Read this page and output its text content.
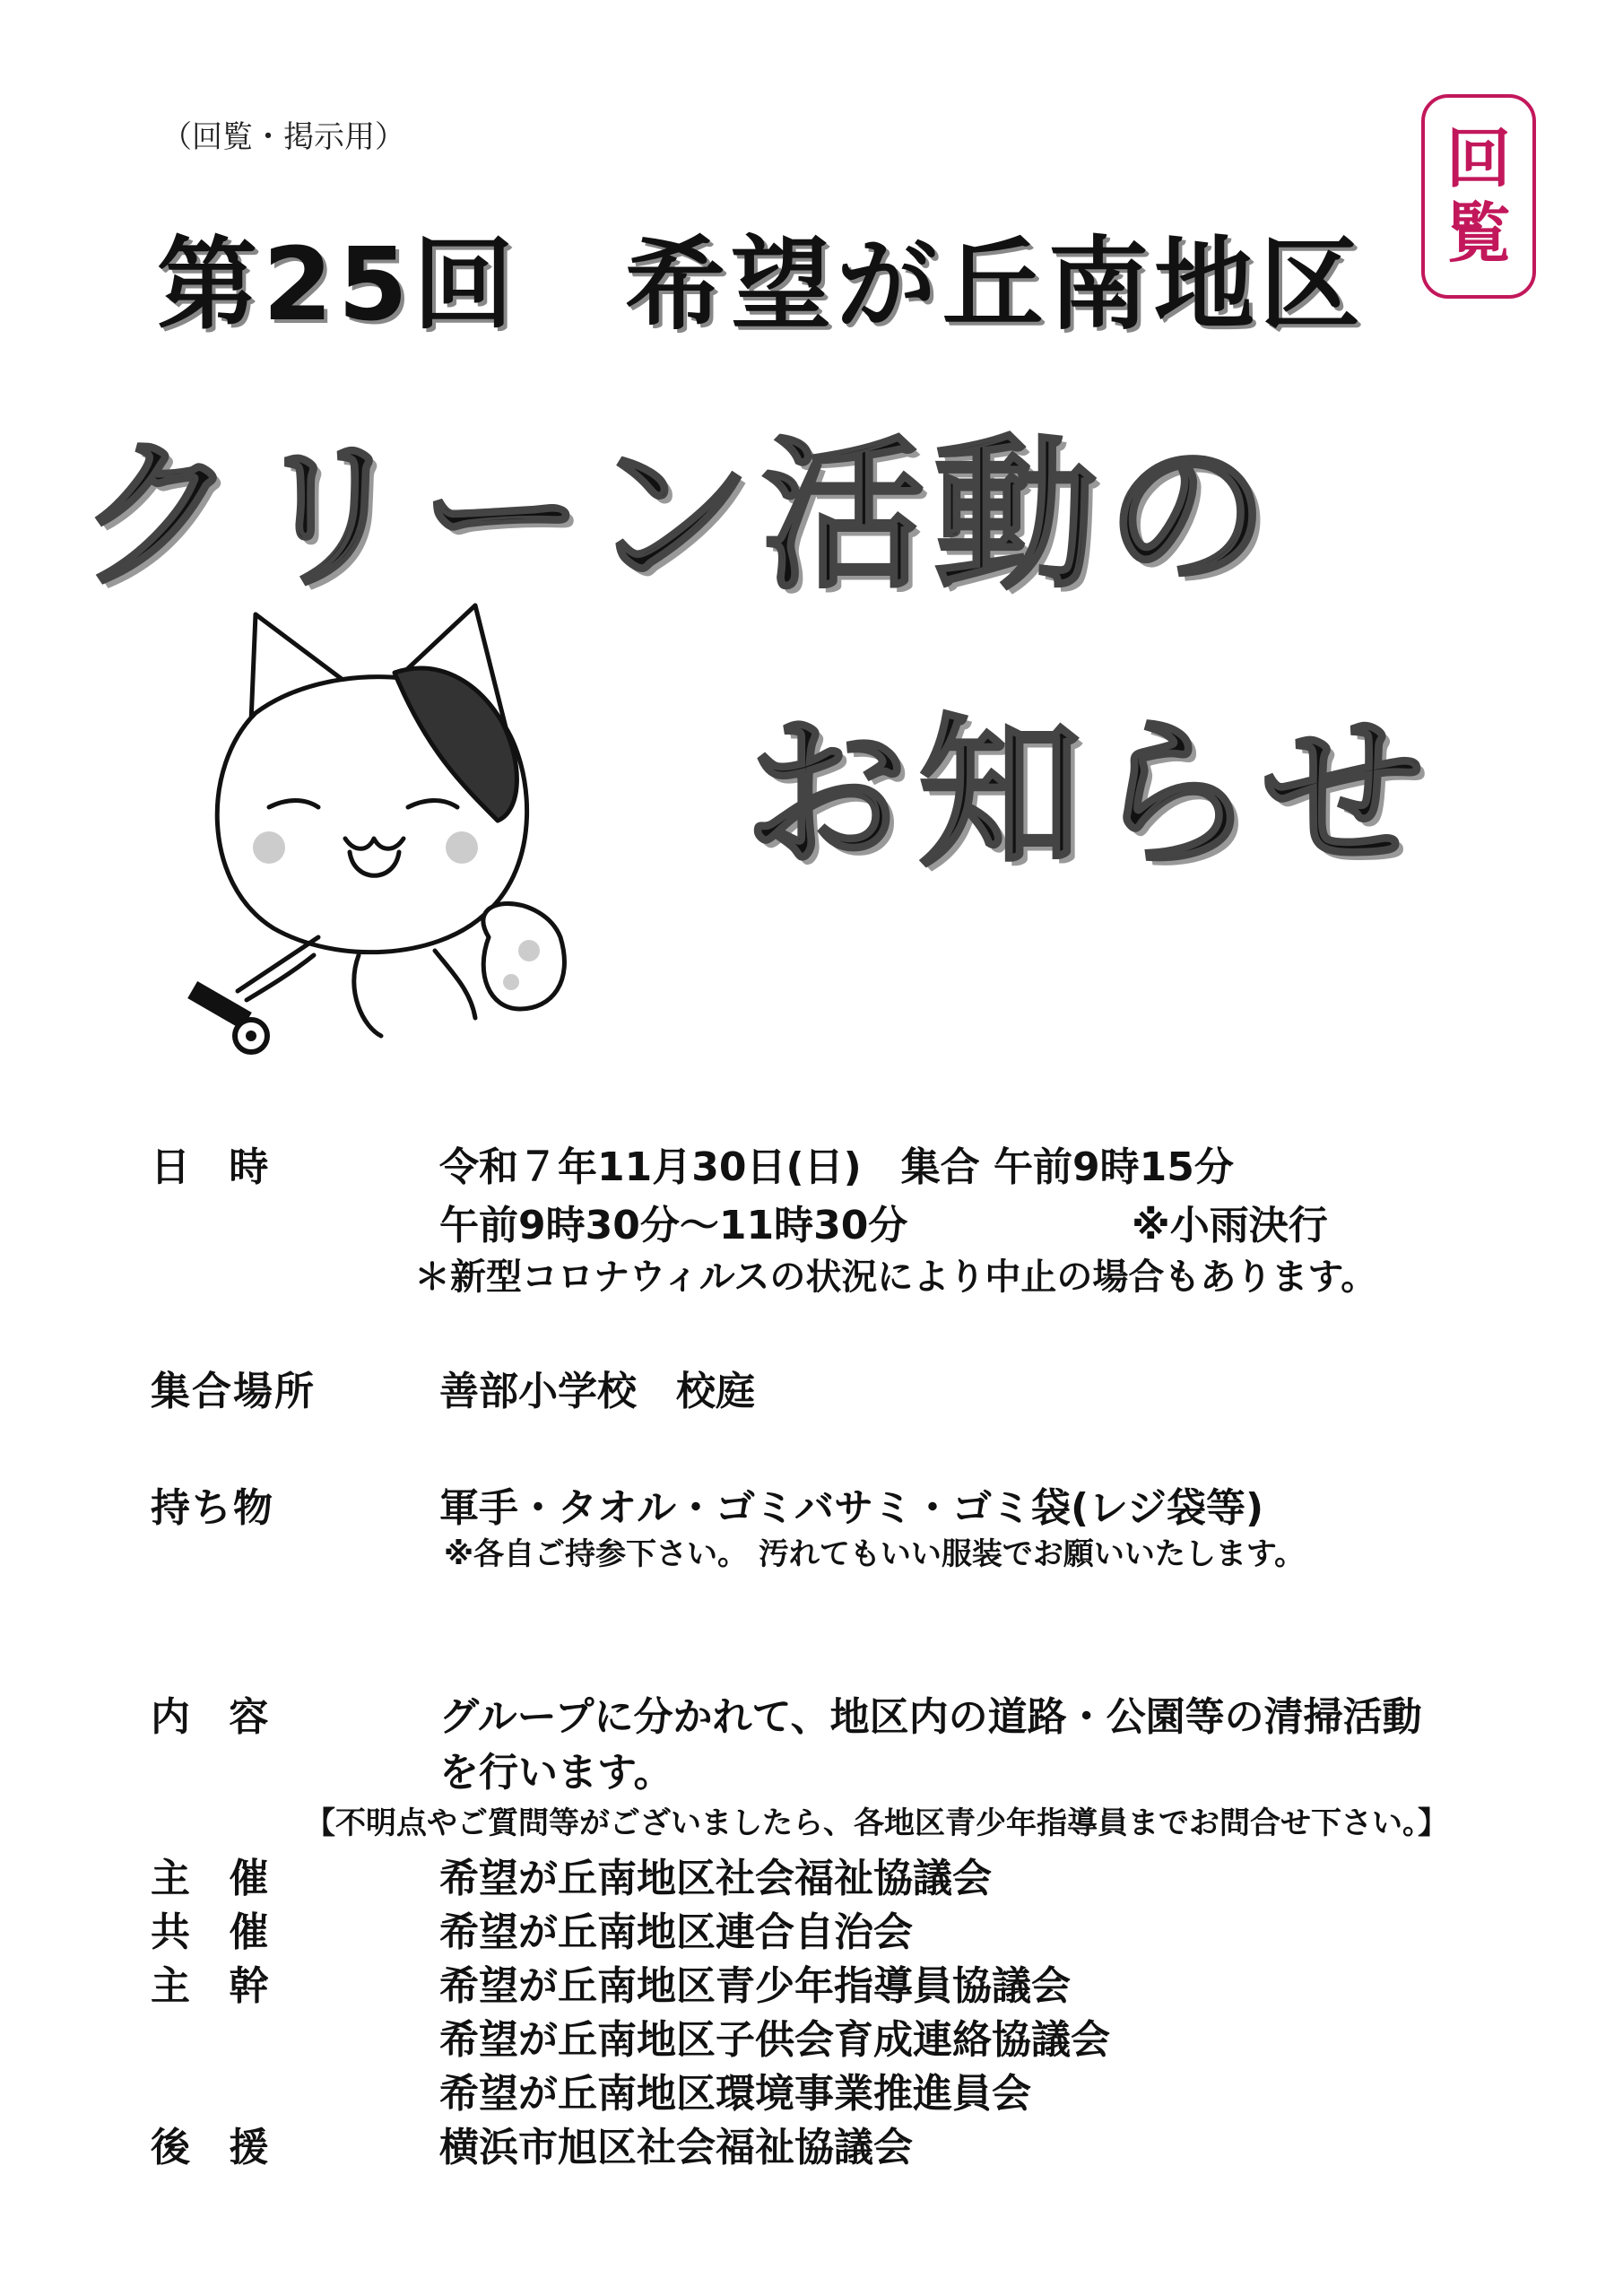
（回覧・掲示用）	回
覧
第25回　希望が丘南地区
クリーン活動の
お知らせ
日 時	令和７年11月30日(日)　集合 午前9時15分
午前9時30分～11時30分	※小雨決行
＊新型コロナウィルスの状況により中止の場合もあります。
集合場所	善部小学校　校庭
持ち物	軍手・タオル・ゴミバサミ・ゴミ袋(レジ袋等)
※各自ご持参下さい。 汚れてもいい服装でお願いいたします。
内 容	グループに分かれて、地区内の道路・公園等の清掃活動
を行います。
【不明点やご質問等がございましたら、各地区青少年指導員までお問合せ下さい。】
主 催	希望が丘南地区社会福祉協議会
共 催	希望が丘南地区連合自治会
主 幹	希望が丘南地区青少年指導員協議会
希望が丘南地区子供会育成連絡協議会
希望が丘南地区環境事業推進員会
後 援	横浜市旭区社会福祉協議会
